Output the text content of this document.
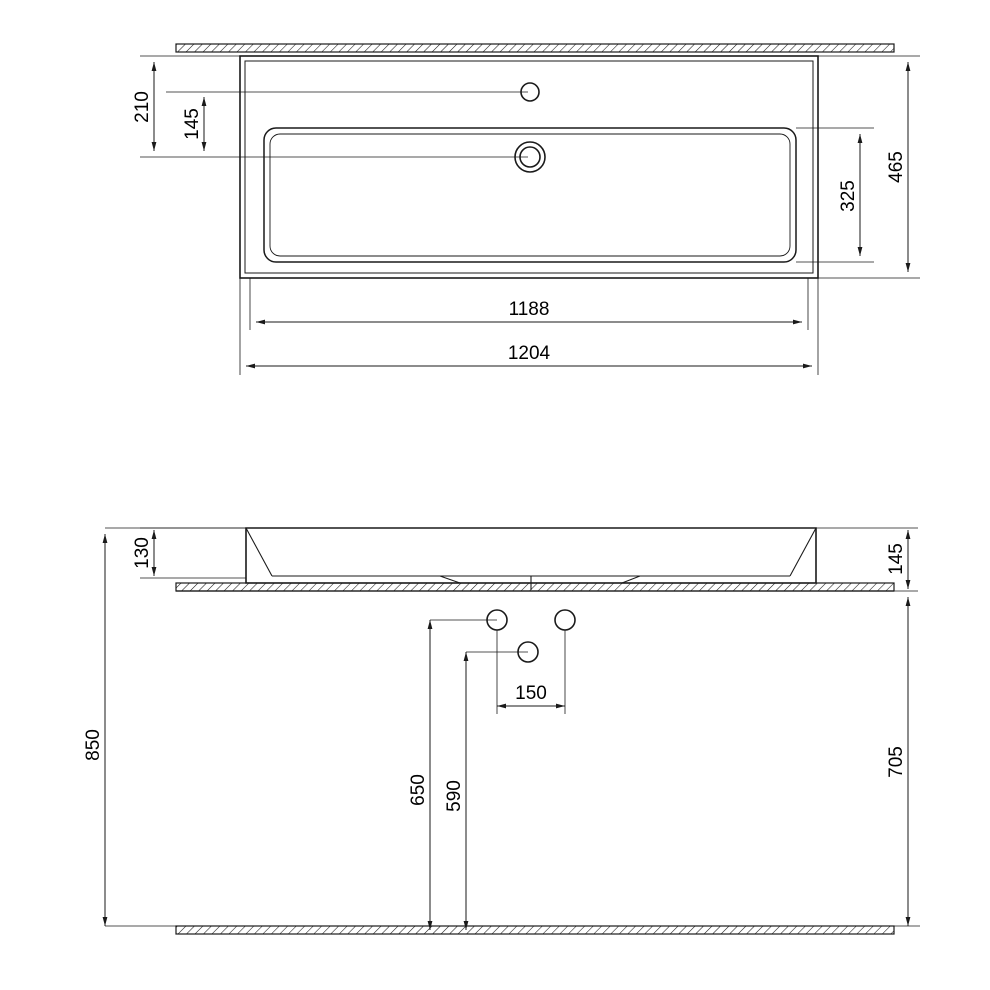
210
145
325
465
1188
1204
130	145
150
650 590
850
705
